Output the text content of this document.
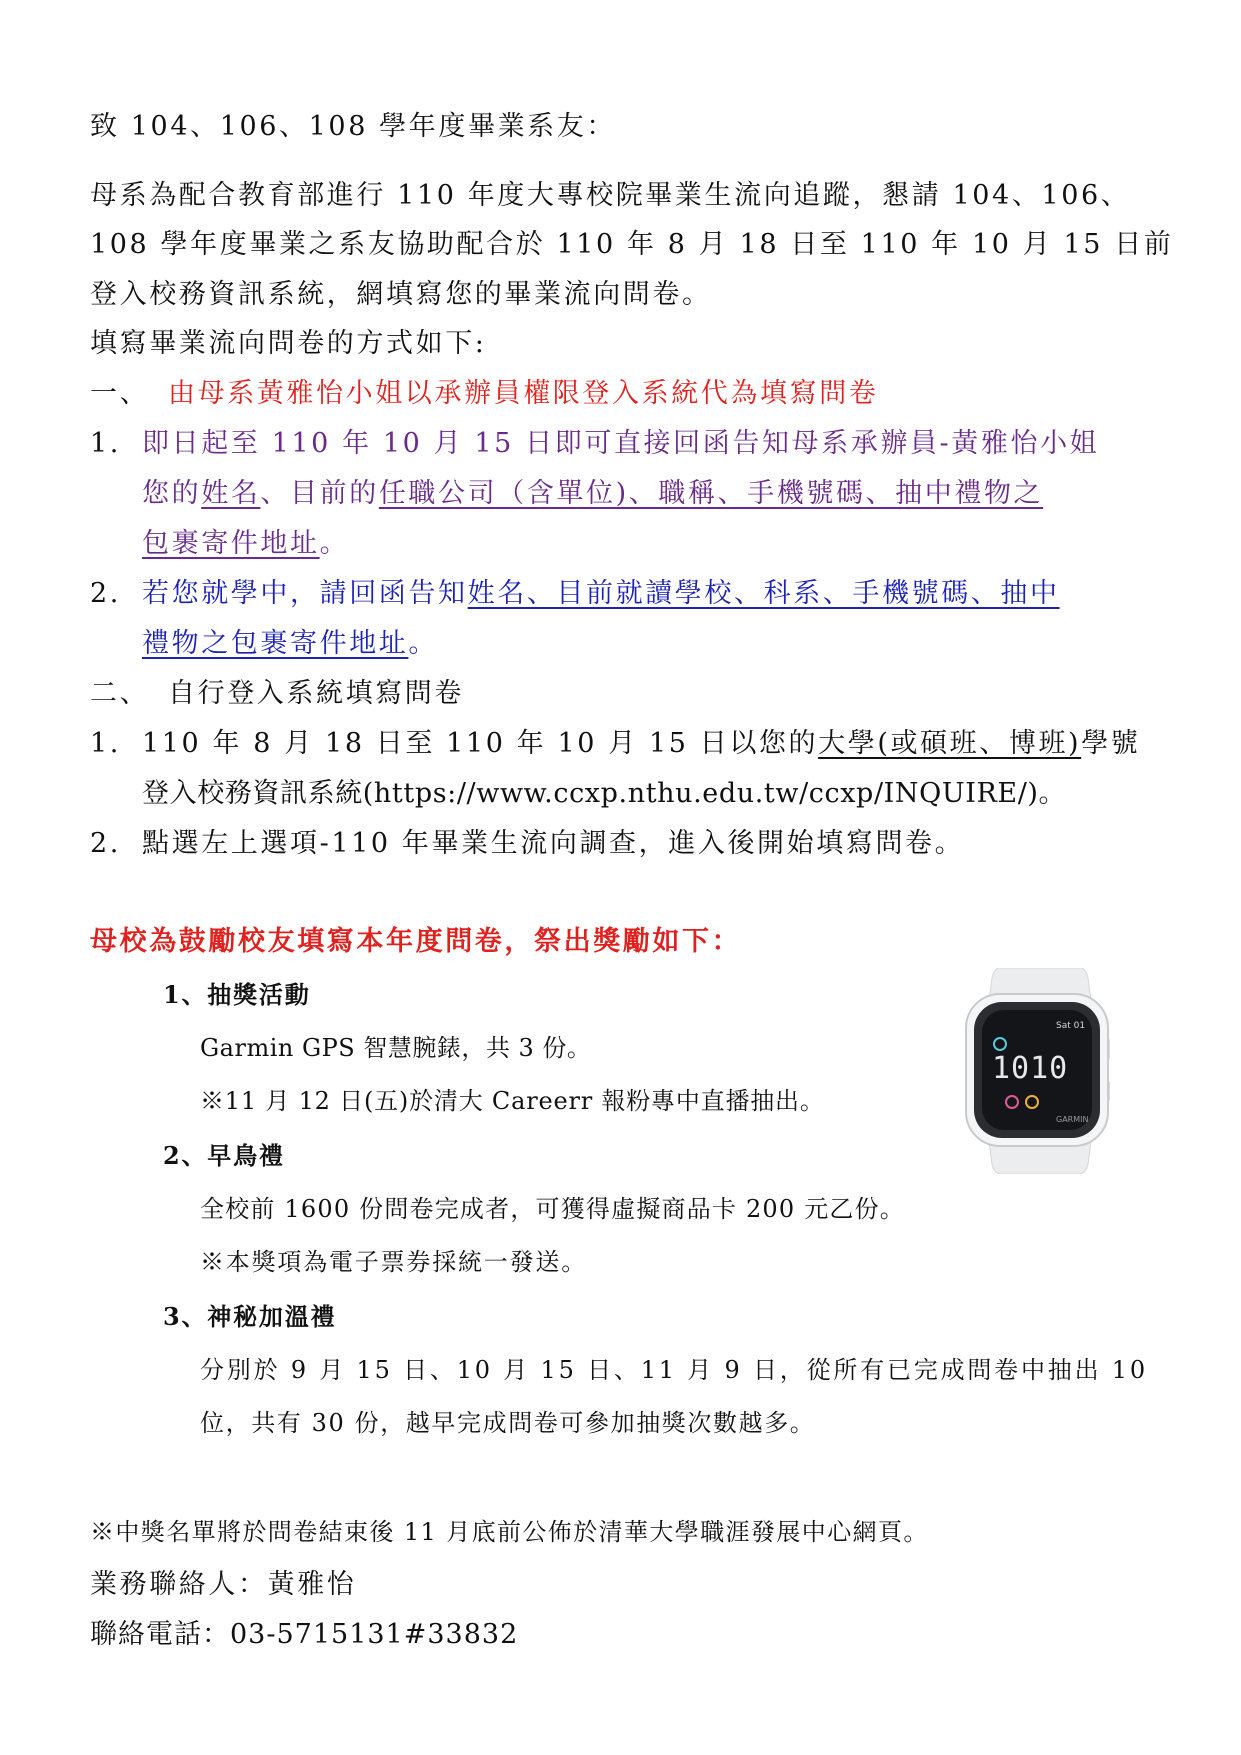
致 104、106、108 學年度畢業系友：
母系為配合教育部進行 110 年度大專校院畢業生流向追蹤，懇請 104、106、
108 學年度畢業之系友協助配合於 110 年 8 月 18 日至 110 年 10 月 15 日前
登入校務資訊系統，網填寫您的畢業流向問卷。
填寫畢業流向問卷的方式如下:
一、 由母系黃雅怡小姐以承辦員權限登入系統代為填寫問卷
1. 即日起至 110 年 10 月 15 日即可直接回函告知母系承辦員-黃雅怡小姐
您的姓名、目前的任職公司（含單位)、職稱、手機號碼、抽中禮物之
包裹寄件地址。
2. 若您就學中，請回函告知姓名、目前就讀學校、科系、手機號碼、抽中
禮物之包裹寄件地址。
二、 自行登入系統填寫問卷
1. 110 年 8 月 18 日至 110 年 10 月 15 日以您的大學(或碩班、博班)學號
登入校務資訊系統(https://www.ccxp.nthu.edu.tw/ccxp/INQUIRE/)。
2. 點選左上選項-110 年畢業生流向調查，進入後開始填寫問卷。
母校為鼓勵校友填寫本年度問卷，祭出獎勵如下：
1、抽獎活動
Garmin GPS 智慧腕錶，共 3 份。
※11 月 12 日(五)於清大 Careerr 報粉專中直播抽出。
2、早鳥禮
全校前 1600 份問卷完成者，可獲得虛擬商品卡 200 元乙份。
※本獎項為電子票券採統一發送。
3、神秘加溫禮
分別於 9 月 15 日、10 月 15 日、11 月 9 日，從所有已完成問卷中抽出 10
位，共有 30 份，越早完成問卷可參加抽獎次數越多。
Sat 01
1010
GARMIN
※中獎名單將於問卷結束後 11 月底前公佈於清華大學職涯發展中心網頁。
業務聯絡人：黃雅怡
聯絡電話：03-5715131#33832
